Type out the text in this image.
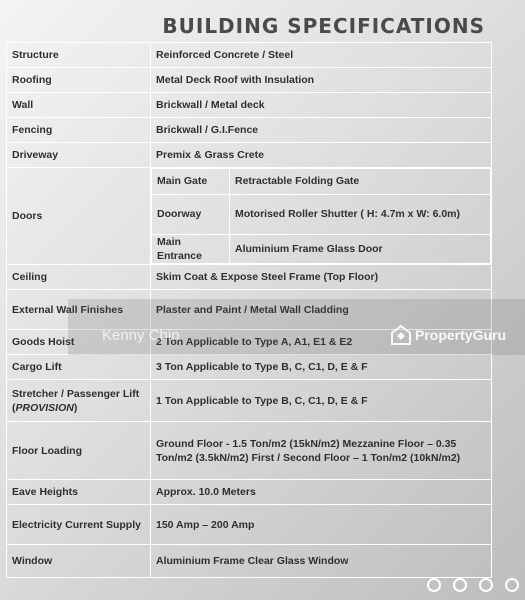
BUILDING SPECIFICATIONS
Structure	Reinforced Concrete / Steel
Roofing	Metal Deck Roof with Insulation
Wall	Brickwall / Metal deck
Fencing	Brickwall / G.I.Fence
Driveway	Premix & Grass Crete
Doors	
Main Gate	Retractable Folding Gate
Doorway	Motorised Roller Shutter ( H: 4.7m x W: 6.0m)
Main Entrance	Aluminium Frame Glass Door

Ceiling	Skim Coat & Expose Steel Frame (Top Floor)
External Wall Finishes	Plaster and Paint / Metal Wall Cladding
Goods Hoist	2 Ton Applicable to Type A, A1, E1 & E2
Cargo Lift	3 Ton Applicable to Type B, C, C1, D, E & F
Stretcher / Passenger Lift (PROVISION)	1 Ton Applicable to Type B, C, C1, D, E & F
Floor Loading	Ground Floor - 1.5 Ton/m2 (15kN/m2) Mezzanine Floor – 0.35 Ton/m2 (3.5kN/m2) First / Second Floor – 1 Ton/m2 (10kN/m2)
Eave Heights	Approx. 10.0 Meters
Electricity Current Supply	150 Amp – 200 Amp
Window	Aluminium Frame Clear Glass Window
Kenny Chin	PropertyGuru
